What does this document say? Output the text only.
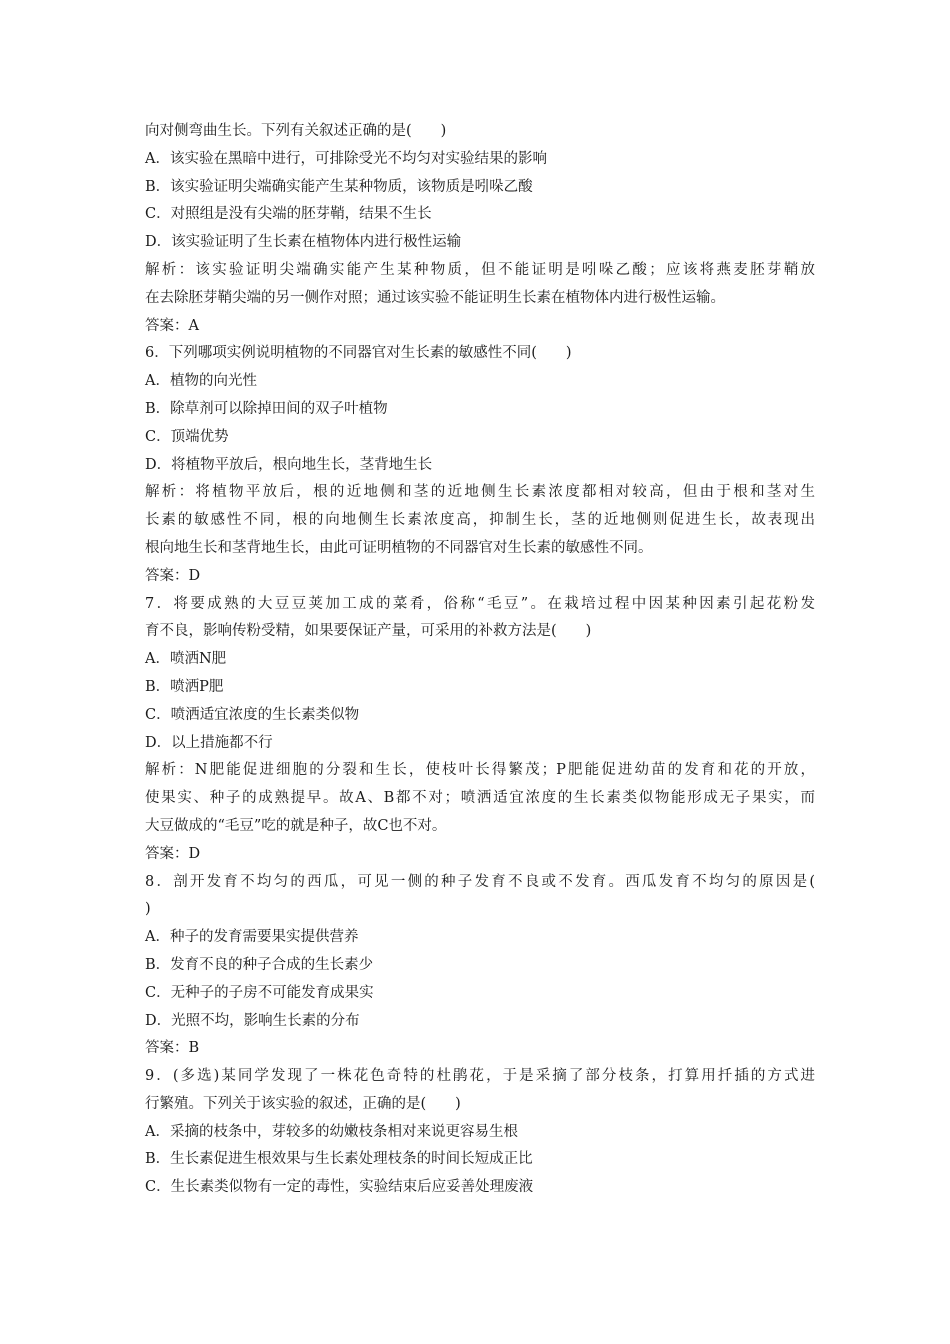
向对侧弯曲生长。下列有关叙述正确的是(　　)
A．该实验在黑暗中进行，可排除受光不均匀对实验结果的影响
B．该实验证明尖端确实能产生某种物质，该物质是吲哚乙酸
C．对照组是没有尖端的胚芽鞘，结果不生长
D．该实验证明了生长素在植物体内进行极性运输
解析：该实验证明尖端确实能产生某种物质，但不能证明是吲哚乙酸；应该将燕麦胚芽鞘放
在去除胚芽鞘尖端的另一侧作对照；通过该实验不能证明生长素在植物体内进行极性运输。
答案：A
6．下列哪项实例说明植物的不同器官对生长素的敏感性不同(　　)
A．植物的向光性
B．除草剂可以除掉田间的双子叶植物
C．顶端优势
D．将植物平放后，根向地生长，茎背地生长
解析：将植物平放后，根的近地侧和茎的近地侧生长素浓度都相对较高，但由于根和茎对生
长素的敏感性不同，根的向地侧生长素浓度高，抑制生长，茎的近地侧则促进生长，故表现出
根向地生长和茎背地生长，由此可证明植物的不同器官对生长素的敏感性不同。
答案：D
7．将要成熟的大豆豆荚加工成的菜肴，俗称“毛豆”。在栽培过程中因某种因素引起花粉发
育不良，影响传粉受精，如果要保证产量，可采用的补救方法是(　　)
A．喷洒N肥
B．喷洒P肥
C．喷洒适宜浓度的生长素类似物
D．以上措施都不行
解析：N肥能促进细胞的分裂和生长，使枝叶长得繁茂；P肥能促进幼苗的发育和花的开放，
使果实、种子的成熟提早。故A、B都不对；喷洒适宜浓度的生长素类似物能形成无子果实，而
大豆做成的“毛豆”吃的就是种子，故C也不对。
答案：D
8．剖开发育不均匀的西瓜，可见一侧的种子发育不良或不发育。西瓜发育不均匀的原因是(
)
A．种子的发育需要果实提供营养
B．发育不良的种子合成的生长素少
C．无种子的子房不可能发育成果实
D．光照不均，影响生长素的分布
答案：B
9．(多选)某同学发现了一株花色奇特的杜鹃花，于是采摘了部分枝条，打算用扦插的方式进
行繁殖。下列关于该实验的叙述，正确的是(　　)
A．采摘的枝条中，芽较多的幼嫩枝条相对来说更容易生根
B．生长素促进生根效果与生长素处理枝条的时间长短成正比
C．生长素类似物有一定的毒性，实验结束后应妥善处理废液
